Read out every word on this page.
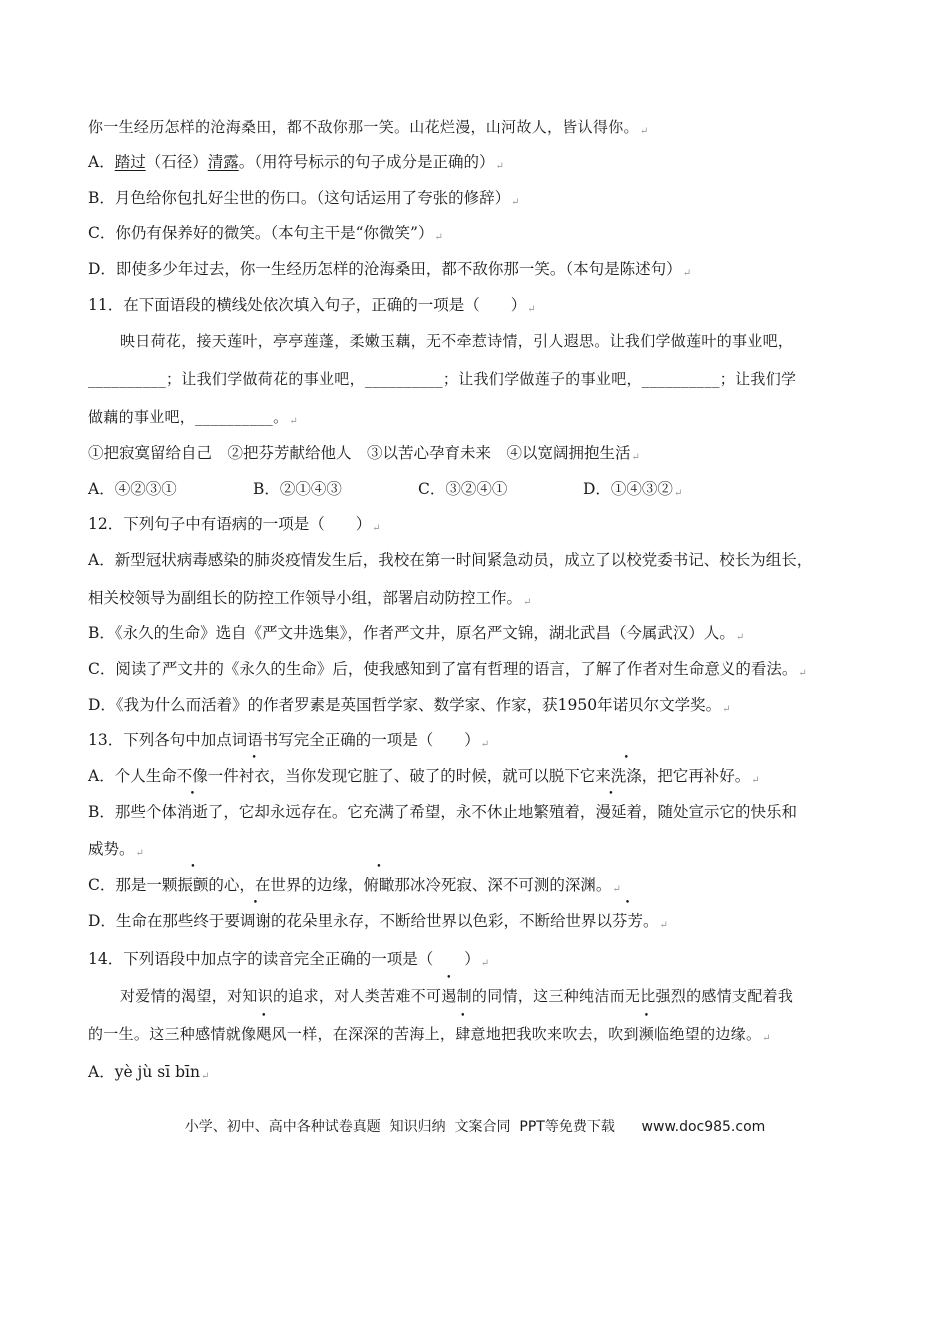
你一生经历怎样的沧海桑田，都不敌你那一笑。山花烂漫，山河故人，皆认得你。↵
A．踏过（石径）清露。（用符号标示的句子成分是正确的）↵
B．月色给你包扎好尘世的伤口。（这句话运用了夸张的修辞）↵
C．你仍有保养好的微笑。（本句主干是“你微笑”）↵
D．即使多少年过去，你一生经历怎样的沧海桑田，都不敌你那一笑。（本句是陈述句）↵
11．在下面语段的横线处依次填入句子，正确的一项是（　　）↵
映日荷花，接天莲叶，亭亭莲蓬，柔嫩玉藕，无不牵惹诗情，引人遐思。让我们学做莲叶的事业吧，
__________；让我们学做荷花的事业吧，__________；让我们学做莲子的事业吧，__________；让我们学
做藕的事业吧，__________。↵
①把寂寞留给自己　②把芬芳献给他人　③以苦心孕育未来　④以宽阔拥抱生活↵
A．④②③①	B．②①④③	C．③②④①	D．①④③②↵
12．下列句子中有语病的一项是（　　）↵
A．新型冠状病毒感染的肺炎疫情发生后，我校在第一时间紧急动员，成立了以校党委书记、校长为组长，
相关校领导为副组长的防控工作领导小组，部署启动防控工作。↵
B．《永久的生命》选自《严文井选集》，作者严文井，原名严文锦，湖北武昌（今属武汉）人。↵
C．阅读了严文井的《永久的生命》后，使我感知到了富有哲理的语言，了解了作者对生命意义的看法。↵
D．《我为什么而活着》的作者罗素是英国哲学家、数学家、作家，获1950年诺贝尔文学奖。↵
13．下列各句中加点词语书写完全正确的一项是（　　）↵
A．个人生命不像一件衬衣，当你发现它脏了、破了的时候，就可以脱下它来洗涤，把它再补好。↵
B．那些个体消逝了，它却永远存在。它充满了希望，永不休止地繁殖着，漫延着，随处宣示它的快乐和
威势。↵
C．那是一颗振颤的心，在世界的边缘，俯瞰那冰冷死寂、深不可测的深渊。↵
D．生命在那些终于要调谢的花朵里永存，不断给世界以色彩，不断给世界以芬芳。↵
14．下列语段中加点字的读音完全正确的一项是（　　）↵
对爱情的渴望，对知识的追求，对人类苦难不可遏制的同情，这三种纯洁而无比强烈的感情支配着我
的一生。这三种感情就像飓风一样，在深深的苦海上，肆意地把我吹来吹去，吹到濒临绝望的边缘。↵
A．yè jù sī bīn↵
小学、初中、高中各种试卷真题  知识归纳  文案合同  PPT等免费下载 www.doc985.com
